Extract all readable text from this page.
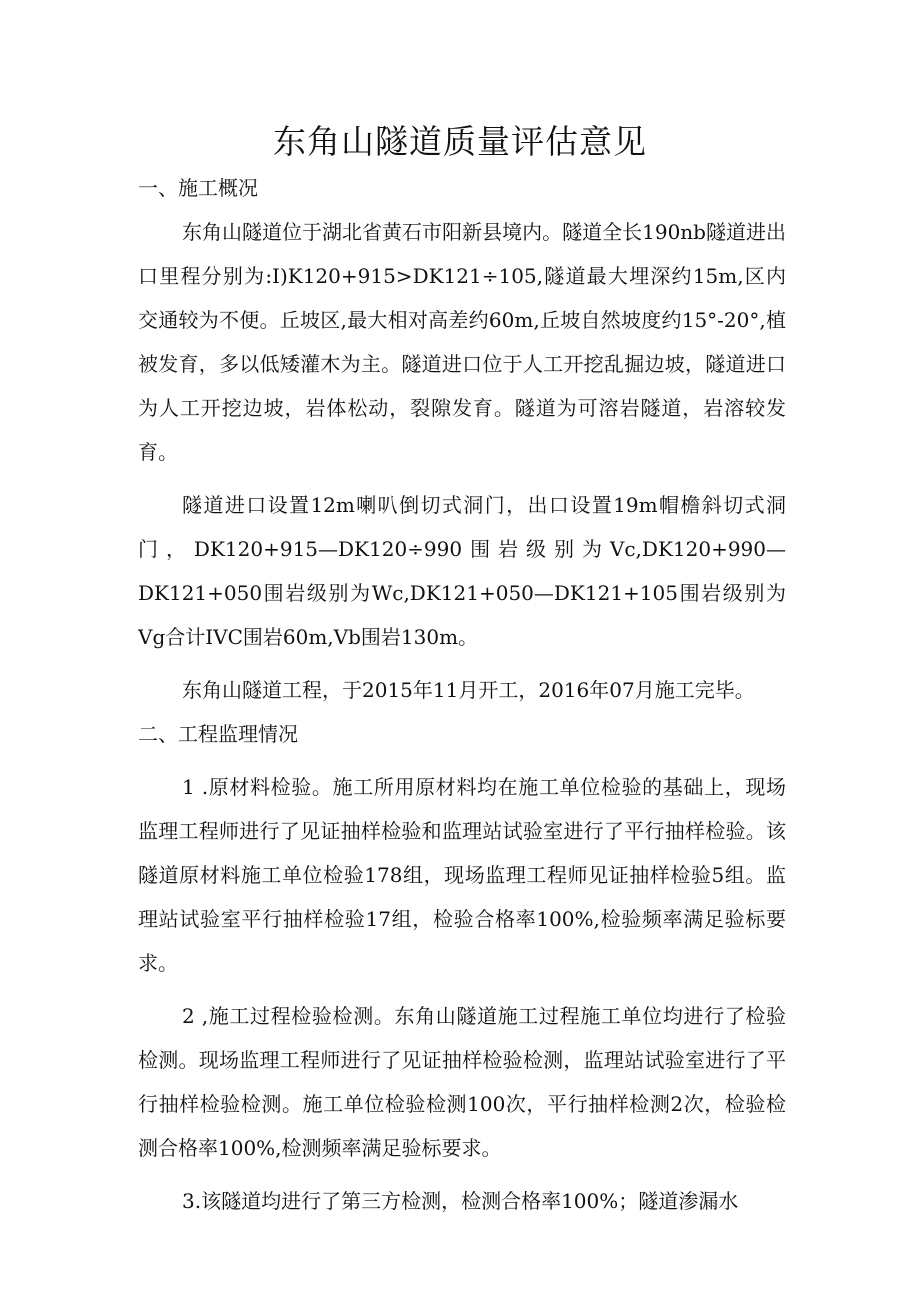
东角山隧道质量评估意见
一、施工概况

东角山隧道位于湖北省黄石市阳新县境内。隧道全长190nb隧道进出口里程分别为:I)K120+915>DK121÷105,隧道最大埋深约15m,区内交通较为不便。丘坡区,最大相对高差约60m,丘坡自然坡度约15°-20°,植被发育，多以低矮灌木为主。隧道进口位于人工开挖乱掘边坡，隧道进口为人工开挖边坡，岩体松动，裂隙发育。隧道为可溶岩隧道，岩溶较发育。

隧道进口设置12m喇叭倒切式洞门，出口设置19m帽檐斜切式洞门，DK120+915—DK120÷990围岩级别为Vc,DK120+990—DK121+050围岩级别为Wc,DK121+050—DK121+105围岩级别为Vg合计IVC围岩60m,Vb围岩130m。

东角山隧道工程，于2015年11月开工，2016年07月施工完毕。

二、工程监理情况

1 .原材料检验。施工所用原材料均在施工单位检验的基础上，现场监理工程师进行了见证抽样检验和监理站试验室进行了平行抽样检验。该隧道原材料施工单位检验178组，现场监理工程师见证抽样检验5组。监理站试验室平行抽样检验17组，检验合格率100%,检验频率满足验标要求。

2 ,施工过程检验检测。东角山隧道施工过程施工单位均进行了检验检测。现场监理工程师进行了见证抽样检验检测，监理站试验室进行了平行抽样检验检测。施工单位检验检测100次，平行抽样检测2次，检验检测合格率100%,检测频率满足验标要求。

3.该隧道均进行了第三方检测，检测合格率100%；隧道渗漏水
